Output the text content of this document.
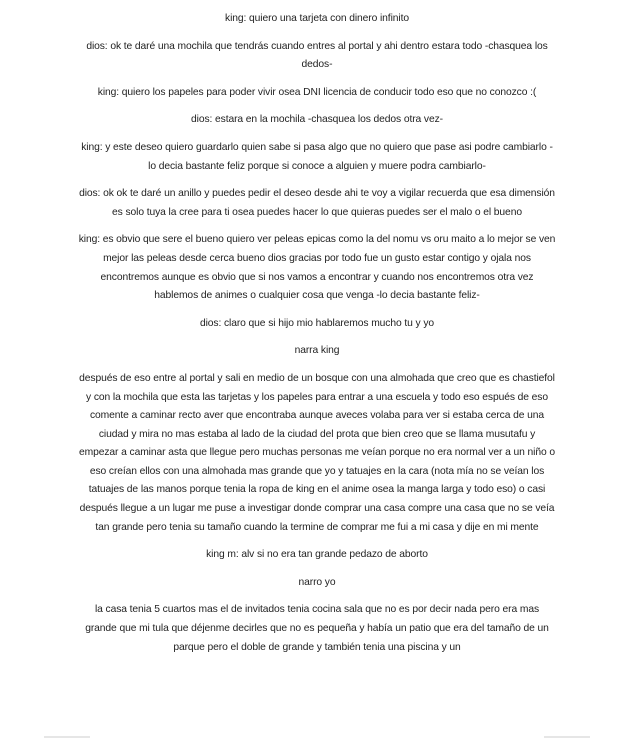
king: quiero una tarjeta con dinero infinito

dios: ok te daré una mochila que tendrás cuando entres al portal y ahi dentro estara todo -chasquea los dedos-

king: quiero los papeles para poder vivir osea DNI licencia de conducir todo eso que no conozco :(

dios: estara en la mochila -chasquea los dedos otra vez-

king: y este deseo quiero guardarlo quien sabe si pasa algo que no quiero que pase asi podre cambiarlo -lo decia bastante feliz porque si conoce a alguien y muere podra cambiarlo-

dios: ok ok te daré un anillo y puedes pedir el deseo desde ahi te voy a vigilar recuerda que esa dimensión es solo tuya la cree para ti osea puedes hacer lo que quieras puedes ser el malo o el bueno

king: es obvio que sere el bueno quiero ver peleas epicas como la del nomu vs oru maito a lo mejor se ven mejor las peleas desde cerca bueno dios gracias por todo fue un gusto estar contigo y ojala nos encontremos aunque es obvio que si nos vamos a encontrar y cuando nos encontremos otra vez hablemos de animes o cualquier cosa que venga -lo decia bastante feliz-

dios: claro que si hijo mio hablaremos mucho tu y yo

narra king

después de eso entre al portal y sali en medio de un bosque con una almohada que creo que es chastiefol y con la mochila que esta las tarjetas y los papeles para entrar a una escuela y todo eso espués de eso comente a caminar recto aver que encontraba aunque aveces volaba para ver si estaba cerca de una ciudad y mira no mas estaba al lado de la ciudad del prota que bien creo que se llama musutafu y empezar a caminar asta que llegue pero muchas personas me veían porque no era normal ver a un niño o eso creían ellos con una almohada mas grande que yo y tatuajes en la cara (nota mía no se veían los tatuajes de las manos porque tenia la ropa de king en el anime osea la manga larga y todo eso) o casi después llegue a un lugar me puse a investigar donde comprar una casa compre una casa que no se veía tan grande pero tenia su tamaño cuando la termine de comprar me fui a mi casa y dije en mi mente

king m: alv si no era tan grande pedazo de aborto

narro yo

la casa tenia 5 cuartos mas el de invitados tenia cocina sala que no es por decir nada pero era mas grande que mi tula que déjenme decirles que no es pequeña y había un patio que era del tamaño de un parque pero el doble de grande y también tenia una piscina y un
